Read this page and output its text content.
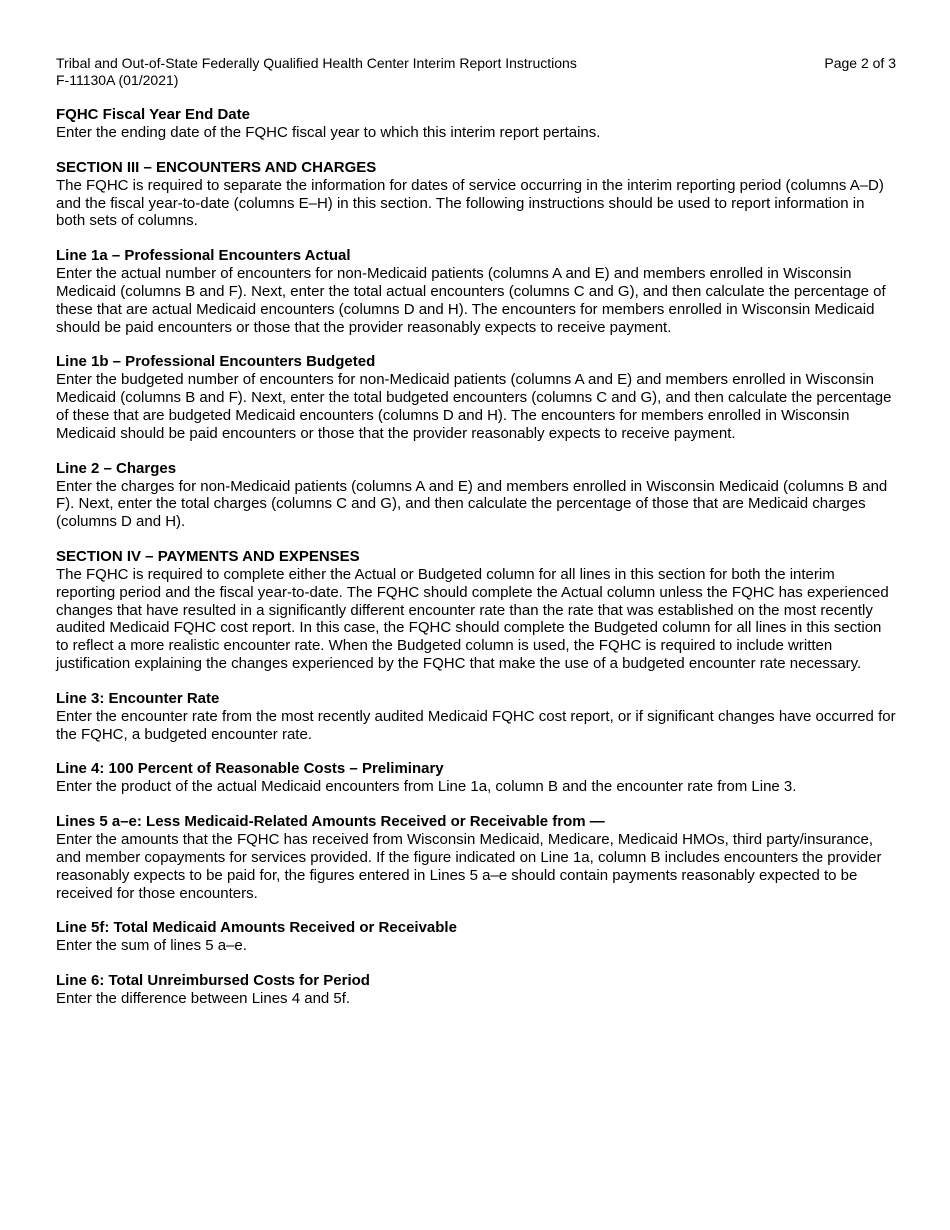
Tribal and Out-of-State Federally Qualified Health Center Interim Report Instructions
F-11130A (01/2021)
Page 2 of 3
FQHC Fiscal Year End Date

Enter the ending date of the FQHC fiscal year to which this interim report pertains.

SECTION III – ENCOUNTERS AND CHARGES

The FQHC is required to separate the information for dates of service occurring in the interim reporting period (columns A–D) and the fiscal year-to-date (columns E–H) in this section. The following instructions should be used to report information in both sets of columns.

Line 1a – Professional Encounters Actual

Enter the actual number of encounters for non-Medicaid patients (columns A and E) and members enrolled in Wisconsin Medicaid (columns B and F). Next, enter the total actual encounters (columns C and G), and then calculate the percentage of these that are actual Medicaid encounters (columns D and H). The encounters for members enrolled in Wisconsin Medicaid should be paid encounters or those that the provider reasonably expects to receive payment.

Line 1b – Professional Encounters Budgeted

Enter the budgeted number of encounters for non-Medicaid patients (columns A and E) and members enrolled in Wisconsin Medicaid (columns B and F). Next, enter the total budgeted encounters (columns C and G), and then calculate the percentage of these that are budgeted Medicaid encounters (columns D and H). The encounters for members enrolled in Wisconsin Medicaid should be paid encounters or those that the provider reasonably expects to receive payment.

Line 2 – Charges

Enter the charges for non-Medicaid patients (columns A and E) and members enrolled in Wisconsin Medicaid (columns B and F). Next, enter the total charges (columns C and G), and then calculate the percentage of those that are Medicaid charges (columns D and H).

SECTION IV – PAYMENTS AND EXPENSES

The FQHC is required to complete either the Actual or Budgeted column for all lines in this section for both the interim reporting period and the fiscal year-to-date. The FQHC should complete the Actual column unless the FQHC has experienced changes that have resulted in a significantly different encounter rate than the rate that was established on the most recently audited Medicaid FQHC cost report. In this case, the FQHC should complete the Budgeted column for all lines in this section to reflect a more realistic encounter rate. When the Budgeted column is used, the FQHC is required to include written justification explaining the changes experienced by the FQHC that make the use of a budgeted encounter rate necessary.

Line 3: Encounter Rate

Enter the encounter rate from the most recently audited Medicaid FQHC cost report, or if significant changes have occurred for the FQHC, a budgeted encounter rate.

Line 4: 100 Percent of Reasonable Costs – Preliminary

Enter the product of the actual Medicaid encounters from Line 1a, column B and the encounter rate from Line 3.

Lines 5 a–e: Less Medicaid-Related Amounts Received or Receivable from —

Enter the amounts that the FQHC has received from Wisconsin Medicaid, Medicare, Medicaid HMOs, third party/insurance, and member copayments for services provided. If the figure indicated on Line 1a, column B includes encounters the provider reasonably expects to be paid for, the figures entered in Lines 5 a–e should contain payments reasonably expected to be received for those encounters.

Line 5f: Total Medicaid Amounts Received or Receivable

Enter the sum of lines 5 a–e.

Line 6: Total Unreimbursed Costs for Period

Enter the difference between Lines 4 and 5f.
